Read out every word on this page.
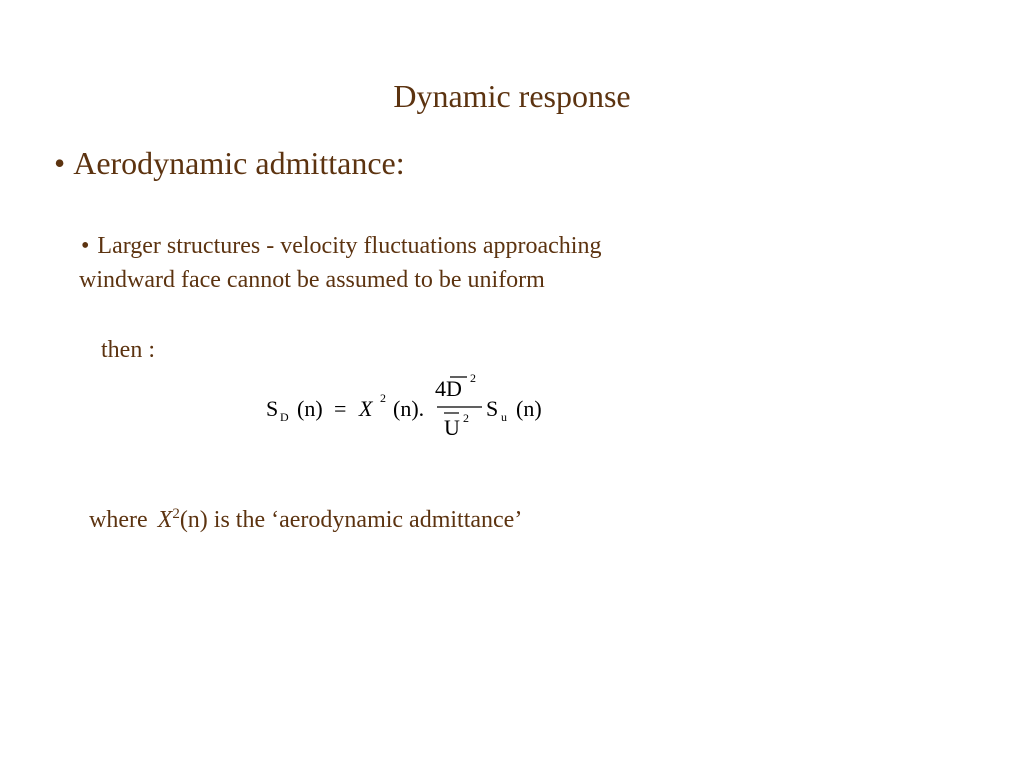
Dynamic response
• Aerodynamic admittance:
• Larger structures - velocity fluctuations approaching
windward face cannot be assumed to be uniform
then :
S D (n) = X 2 (n).
4D 2
U 2 S u (n)
where $X^2(n)$ is the ‘aerodynamic admittance’
